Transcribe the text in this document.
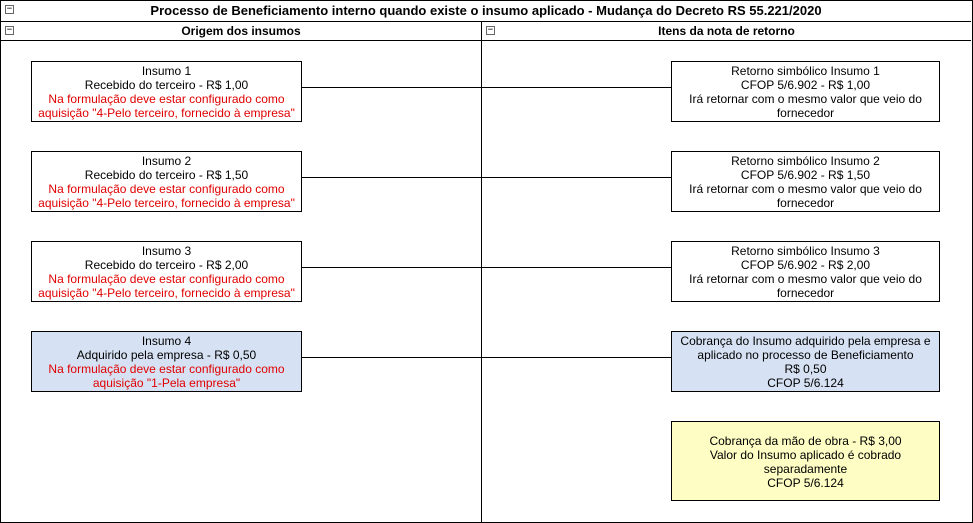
−	Processo de Beneficiamento interno quando existe o insumo aplicado - Mudança do Decreto RS 55.221/2020
−	Origem dos insumos	−	Itens da nota de retorno
Insumo 1
Recebido do terceiro - R$ 1,00
Na formulação deve estar configurado como
aquisição "4-Pelo terceiro, fornecido à empresa"
Insumo 2
Recebido do terceiro - R$ 1,50
Na formulação deve estar configurado como
aquisição "4-Pelo terceiro, fornecido à empresa"
Insumo 3
Recebido do terceiro - R$ 2,00
Na formulação deve estar configurado como
aquisição "4-Pelo terceiro, fornecido à empresa"
Insumo 4
Adquirido pela empresa - R$ 0,50
Na formulação deve estar configurado como
aquisição "1-Pela empresa"
Retorno simbólico Insumo 1
CFOP 5/6.902 - R$ 1,00
Irá retornar com o mesmo valor que veio do
fornecedor
Retorno simbólico Insumo 2
CFOP 5/6.902 - R$ 1,50
Irá retornar com o mesmo valor que veio do
fornecedor
Retorno simbólico Insumo 3
CFOP 5/6.902 - R$ 2,00
Irá retornar com o mesmo valor que veio do
fornecedor
Cobrança do Insumo adquirido pela empresa e
aplicado no processo de Beneficiamento
R$ 0,50
CFOP 5/6.124
Cobrança da mão de obra - R$ 3,00
Valor do Insumo aplicado é cobrado
separadamente
CFOP 5/6.124
